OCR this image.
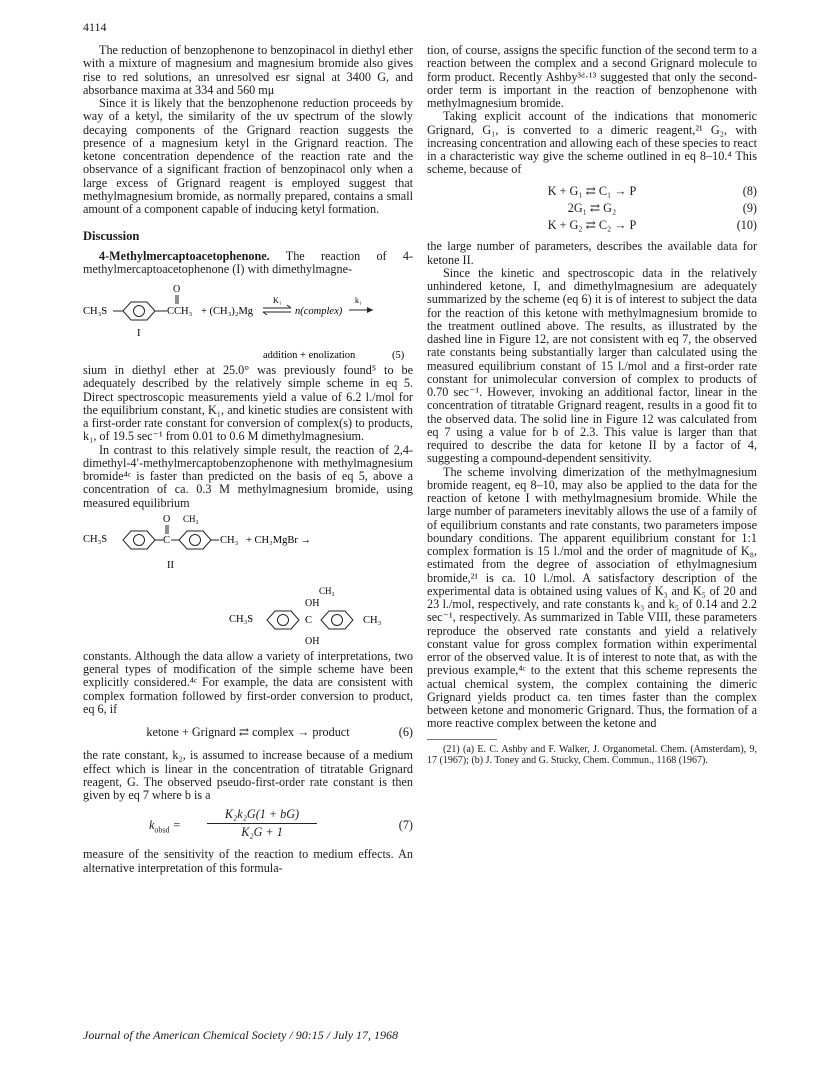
4114

The reduction of benzophenone to benzopinacol in diethyl ether with a mixture of magnesium and magnesium bromide also gives rise to red solutions, an unresolved esr signal at 3400 G, and absorbance maxima at 334 and 560 mμ

Since it is likely that the benzophenone reduction proceeds by way of a ketyl, the similarity of the uv spectrum of the slowly decaying components of the Grignard reaction suggests the presence of a magnesium ketyl in the Grignard reaction. The ketone concentration dependence of the reaction rate and the observance of a significant fraction of benzopinacol only when a large excess of Grignard reagent is employed suggest that methylmagnesium bromide, as normally prepared, contains a small amount of a component capable of inducing ketyl formation.

Discussion

4-Methylmercaptoacetophenone. The reaction of 4-methylmercaptoacetophenone (I) with dimethylmagne-

O
CH₃S	CCH₃ + (CH₃)₂Mg
K₁
n(complex)
k₁
I
addition + enolization	(5)

sium in diethyl ether at 25.0° was previously found⁵ to be adequately described by the relatively simple scheme in eq 5. Direct spectroscopic measurements yield a value of 6.2 l./mol for the equilibrium constant, K₁, and kinetic studies are consistent with a first-order rate constant for conversion of complex(s) to products, k₁, of 19.5 sec⁻¹ from 0.01 to 0.6 M dimethylmagnesium.

In contrast to this relatively simple result, the reaction of 2,4-dimethyl-4′-methylmercaptobenzophenone with methylmagnesium bromide⁴ᶜ is faster than predicted on the basis of eq 5, above a concentration of ca. 0.3 M methylmagnesium bromide, using measured equilibrium

O CH₃
CH₃S	C	CH₃ + CH₃MgBr →
II
CH₃
OH
CH₃S	C	CH₃
OH

constants. Although the data allow a variety of interpretations, two general types of modification of the simple scheme have been explicitly considered.⁴ᶜ For example, the data are consistent with complex formation followed by first-order conversion to product, eq 6, if

ketone + Grignard ⇄ complex → product	(6)

the rate constant, k₂, is assumed to increase because of a medium effect which is linear in the concentration of titratable Grignard reagent, G. The observed pseudo-first-order rate constant is then given by eq 7 where b is a

$k_{obsd}$ =
K₂k₂G(1 + bG)
K₂G + 1	(7)

measure of the sensitivity of the reaction to medium effects. An alternative interpretation of this formula-

tion, of course, assigns the specific function of the second term to a reaction between the complex and a second Grignard molecule to form product. Recently Ashby³ᵈ·¹³ suggested that only the second-order term is important in the reaction of benzophenone with methylmagnesium bromide.

Taking explicit account of the indications that monomeric Grignard, G₁, is converted to a dimeric reagent,²¹ G₂, with increasing concentration and allowing each of these species to react in a characteristic way give the scheme outlined in eq 8–10.⁴ This scheme, because of

K + G₁ ⇄ C₁ → P	(8)
2G₁ ⇄ G₂	(9)
K + G₂ ⇄ C₂ → P	(10)

the large number of parameters, describes the available data for ketone II.

Since the kinetic and spectroscopic data in the relatively unhindered ketone, I, and dimethylmagnesium are adequately summarized by the scheme (eq 6) it is of interest to subject the data for the reaction of this ketone with methylmagnesium bromide to the treatment outlined above. The results, as illustrated by the dashed line in Figure 12, are not consistent with eq 7, the observed rate constants being substantially larger than calculated using the measured equilibrium constant of 15 l./mol and a first-order rate constant for unimolecular conversion of complex to products of 0.70 sec⁻¹. However, invoking an additional factor, linear in the concentration of titratable Grignard reagent, results in a good fit to the observed data. The solid line in Figure 12 was calculated from eq 7 using a value for b of 2.3. This value is larger than that required to describe the data for ketone II by a factor of 4, suggesting a compound-dependent sensitivity.

The scheme involving dimerization of the methylmagnesium bromide reagent, eq 8–10, may also be applied to the data for the reaction of ketone I with methylmagnesium bromide. While the large number of parameters inevitably allows the use of a family of of equilibrium constants and rate constants, two parameters impose boundary conditions. The apparent equilibrium constant for 1:1 complex formation is 15 l./mol and the order of magnitude of K₈, estimated from the degree of association of ethylmagnesium bromide,²¹ is ca. 10 l./mol. A satisfactory description of the experimental data is obtained using values of K₃ and K₅ of 20 and 23 l./mol, respectively, and rate constants k₃ and k₅ of 0.14 and 2.2 sec⁻¹, respectively. As summarized in Table VIII, these parameters reproduce the observed rate constants and yield a relatively constant value for gross complex formation within experimental error of the observed value. It is of interest to note that, as with the previous example,⁴ᶜ to the extent that this scheme represents the actual chemical system, the complex containing the dimeric Grignard yields product ca. ten times faster than the complex between ketone and monomeric Grignard. Thus, the formation of a more reactive complex between the ketone and

(21) (a) E. C. Ashby and F. Walker, J. Organometal. Chem. (Amsterdam), 9, 17 (1967); (b) J. Toney and G. Stucky, Chem. Commun., 1168 (1967).

Journal of the American Chemical Society / 90:15 / July 17, 1968
